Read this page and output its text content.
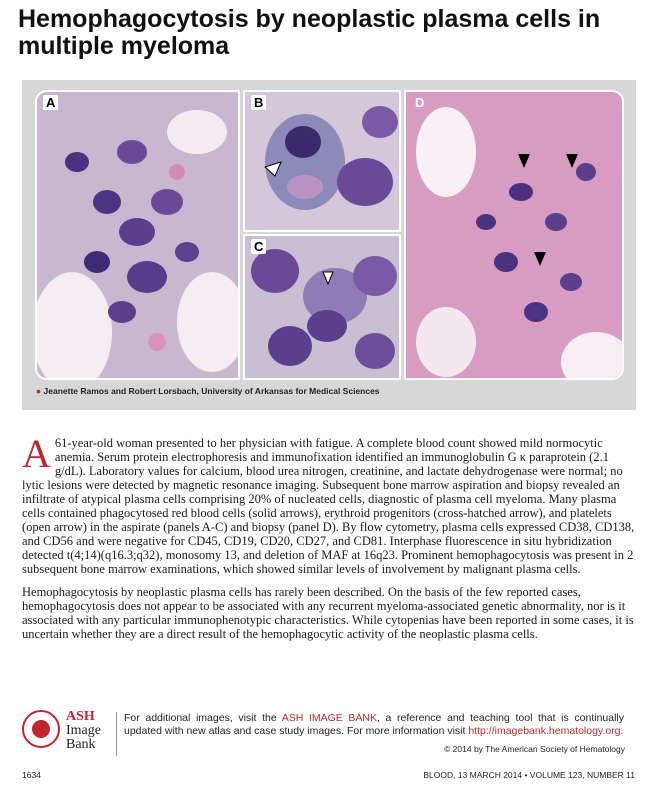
Hemophagocytosis by neoplastic plasma cells in multiple myeloma
A	B
C
D
● Jeanette Ramos and Robert Lorsbach, University of Arkansas for Medical Sciences

A 61-year-old woman presented to her physician with fatigue. A complete blood count showed mild normocytic anemia. Serum protein electrophoresis and immunofixation identified an immunoglobulin G κ paraprotein (2.1 g/dL). Laboratory values for calcium, blood urea nitrogen, creatinine, and lactate dehydrogenase were normal; no lytic lesions were detected by magnetic resonance imaging. Subsequent bone marrow aspiration and biopsy revealed an infiltrate of atypical plasma cells comprising 20% of nucleated cells, diagnostic of plasma cell myeloma. Many plasma cells contained phagocytosed red blood cells (solid arrows), erythroid progenitors (cross-hatched arrow), and platelets (open arrow) in the aspirate (panels A-C) and biopsy (panel D). By flow cytometry, plasma cells expressed CD38, CD138, and CD56 and were negative for CD45, CD19, CD20, CD27, and CD81. Interphase fluorescence in situ hybridization detected t(4;14)(q16.3;q32), monosomy 13, and deletion of MAF at 16q23. Prominent hemophagocytosis was present in 2 subsequent bone marrow examinations, which showed similar levels of involvement by malignant plasma cells.

Hemophagocytosis by neoplastic plasma cells has rarely been described. On the basis of the few reported cases, hemophagocytosis does not appear to be associated with any recurrent myeloma-associated genetic abnormality, nor is it associated with any particular immunophenotypic characteristics. While cytopenias have been reported in some cases, it is uncertain whether they are a direct result of the hemophagocytic activity of the neoplastic plasma cells.

ASH
Image
Bank
For additional images, visit the ASH IMAGE BANK, a reference and teaching tool that is continually updated with new atlas and case study images. For more information visit http://imagebank.hematology.org.
© 2014 by The American Society of Hematology
1634	BLOOD, 13 MARCH 2014 • VOLUME 123, NUMBER 11
